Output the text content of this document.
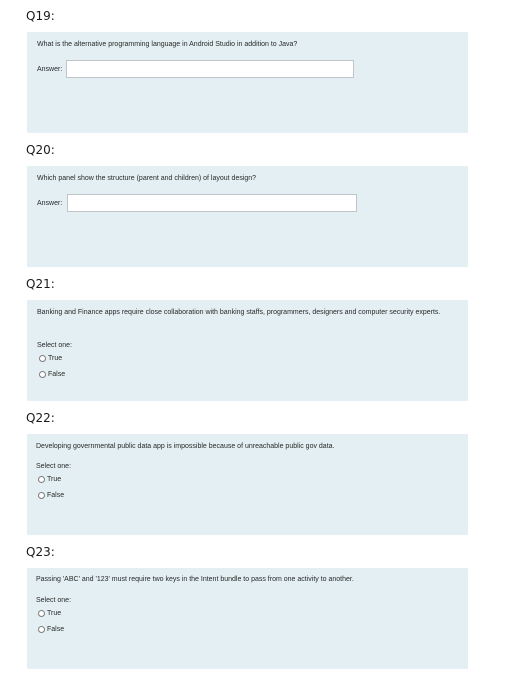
Q19:
What is the alternative programming language in Android Studio in addition to Java?
Answer:
Q20:
Which panel show the structure (parent and children) of layout design?
Answer:
Q21:
Banking and Finance apps require close collaboration with banking staffs, programmers, designers and computer security experts.
Select one:
True
False
Q22:
Developing governmental public data app is impossible because of unreachable public gov data.
Select one:
True
False
Q23:
Passing 'ABC' and '123' must require two keys in the Intent bundle to pass from one activity to another.
Select one:
True
False
